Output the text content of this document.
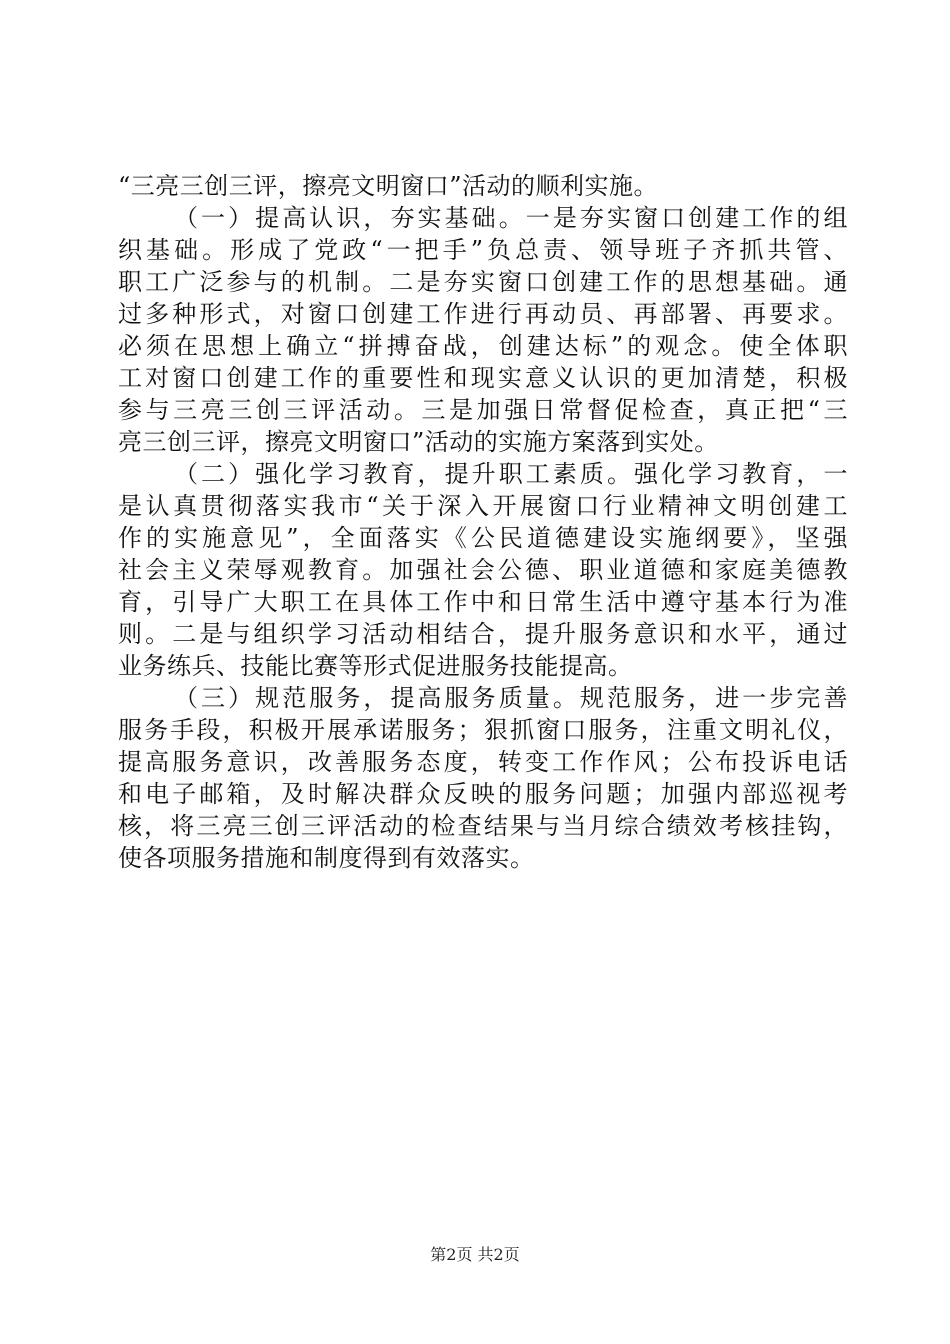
“三亮三创三评，擦亮文明窗口”活动的顺利实施。
（一）提高认识，夯实基础。一是夯实窗口创建工作的组
织基础。形成了党政“一把手”负总责、领导班子齐抓共管、
职工广泛参与的机制。二是夯实窗口创建工作的思想基础。通
过多种形式，对窗口创建工作进行再动员、再部署、再要求。
必须在思想上确立“拼搏奋战，创建达标”的观念。使全体职
工对窗口创建工作的重要性和现实意义认识的更加清楚，积极
参与三亮三创三评活动。三是加强日常督促检查，真正把“三
亮三创三评，擦亮文明窗口”活动的实施方案落到实处。
（二）强化学习教育，提升职工素质。强化学习教育，一
是认真贯彻落实我市“关于深入开展窗口行业精神文明创建工
作的实施意见”，全面落实《公民道德建设实施纲要》，坚强
社会主义荣辱观教育。加强社会公德、职业道德和家庭美德教
育，引导广大职工在具体工作中和日常生活中遵守基本行为准
则。二是与组织学习活动相结合，提升服务意识和水平，通过
业务练兵、技能比赛等形式促进服务技能提高。
（三）规范服务，提高服务质量。规范服务，进一步完善
服务手段，积极开展承诺服务；狠抓窗口服务，注重文明礼仪，
提高服务意识，改善服务态度，转变工作作风；公布投诉电话
和电子邮箱，及时解决群众反映的服务问题；加强内部巡视考
核，将三亮三创三评活动的检查结果与当月综合绩效考核挂钩，
使各项服务措施和制度得到有效落实。
第2页 共2页
